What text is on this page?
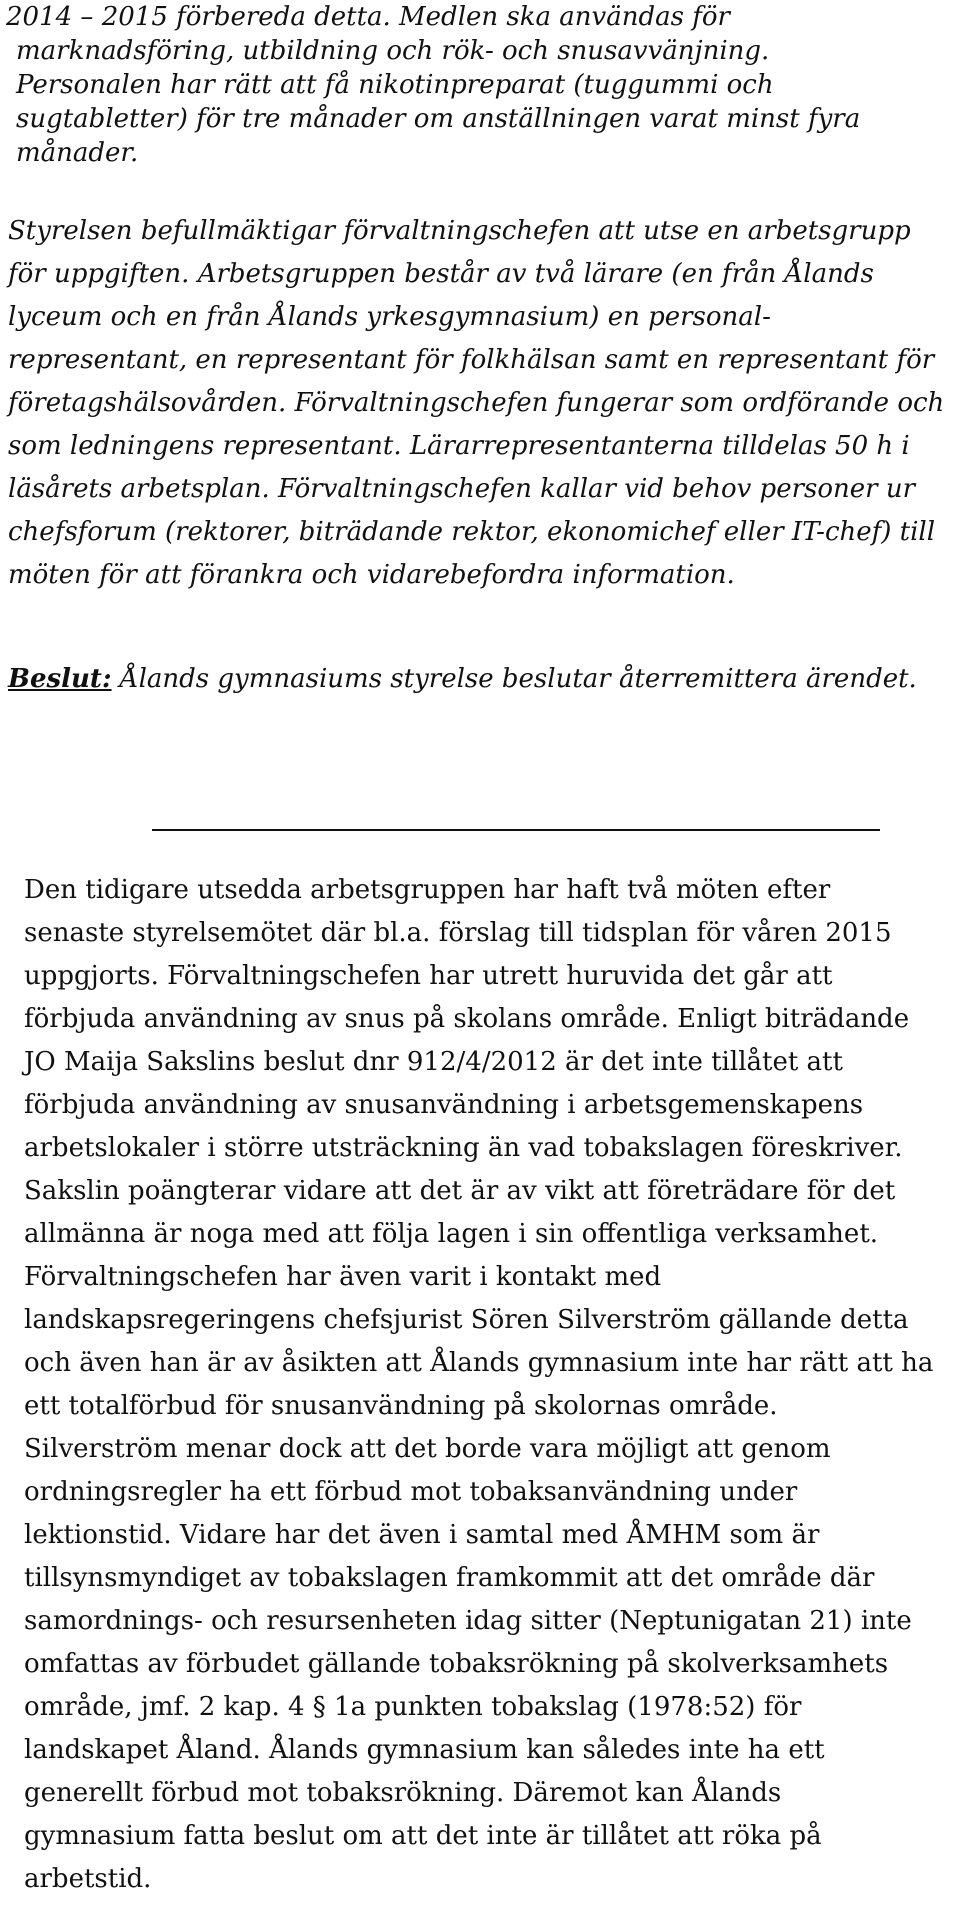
2014 – 2015 förbereda detta. Medlen ska användas för

marknadsföring, utbildning och rök- och snusavvänjning.

Personalen har rätt att få nikotinpreparat (tuggummi och

sugtabletter) för tre månader om anställningen varat minst fyra

månader.

Styrelsen befullmäktigar förvaltningschefen att utse en arbetsgrupp

för uppgiften. Arbetsgruppen består av två lärare (en från Ålands

lyceum och en från Ålands yrkesgymnasium) en personal-

representant, en representant för folkhälsan samt en representant för

företagshälsovården. Förvaltningschefen fungerar som ordförande och

som ledningens representant. Lärarrepresentanterna tilldelas 50 h i

läsårets arbetsplan. Förvaltningschefen kallar vid behov personer ur

chefsforum (rektorer, biträdande rektor, ekonomichef eller IT-chef) till

möten för att förankra och vidarebefordra information.

Beslut: Ålands gymnasiums styrelse beslutar återremittera ärendet.

Den tidigare utsedda arbetsgruppen har haft två möten efter

senaste styrelsemötet där bl.a. förslag till tidsplan för våren 2015

uppgjorts. Förvaltningschefen har utrett huruvida det går att

förbjuda användning av snus på skolans område. Enligt biträdande

JO Maija Sakslins beslut dnr 912/4/2012 är det inte tillåtet att

förbjuda användning av snusanvändning i arbetsgemenskapens

arbetslokaler i större utsträckning än vad tobakslagen föreskriver.

Sakslin poängterar vidare att det är av vikt att företrädare för det

allmänna är noga med att följa lagen i sin offentliga verksamhet.

Förvaltningschefen har även varit i kontakt med

landskapsregeringens chefsjurist Sören Silverström gällande detta

och även han är av åsikten att Ålands gymnasium inte har rätt att ha

ett totalförbud för snusanvändning på skolornas område.

Silverström menar dock att det borde vara möjligt att genom

ordningsregler ha ett förbud mot tobaksanvändning under

lektionstid. Vidare har det även i samtal med ÅMHM som är

tillsynsmyndiget av tobakslagen framkommit att det område där

samordnings- och resursenheten idag sitter (Neptunigatan 21) inte

omfattas av förbudet gällande tobaksrökning på skolverksamhets

område, jmf. 2 kap. 4 § 1a punkten tobakslag (1978:52) för

landskapet Åland. Ålands gymnasium kan således inte ha ett

generellt förbud mot tobaksrökning. Däremot kan Ålands

gymnasium fatta beslut om att det inte är tillåtet att röka på

arbetstid.
